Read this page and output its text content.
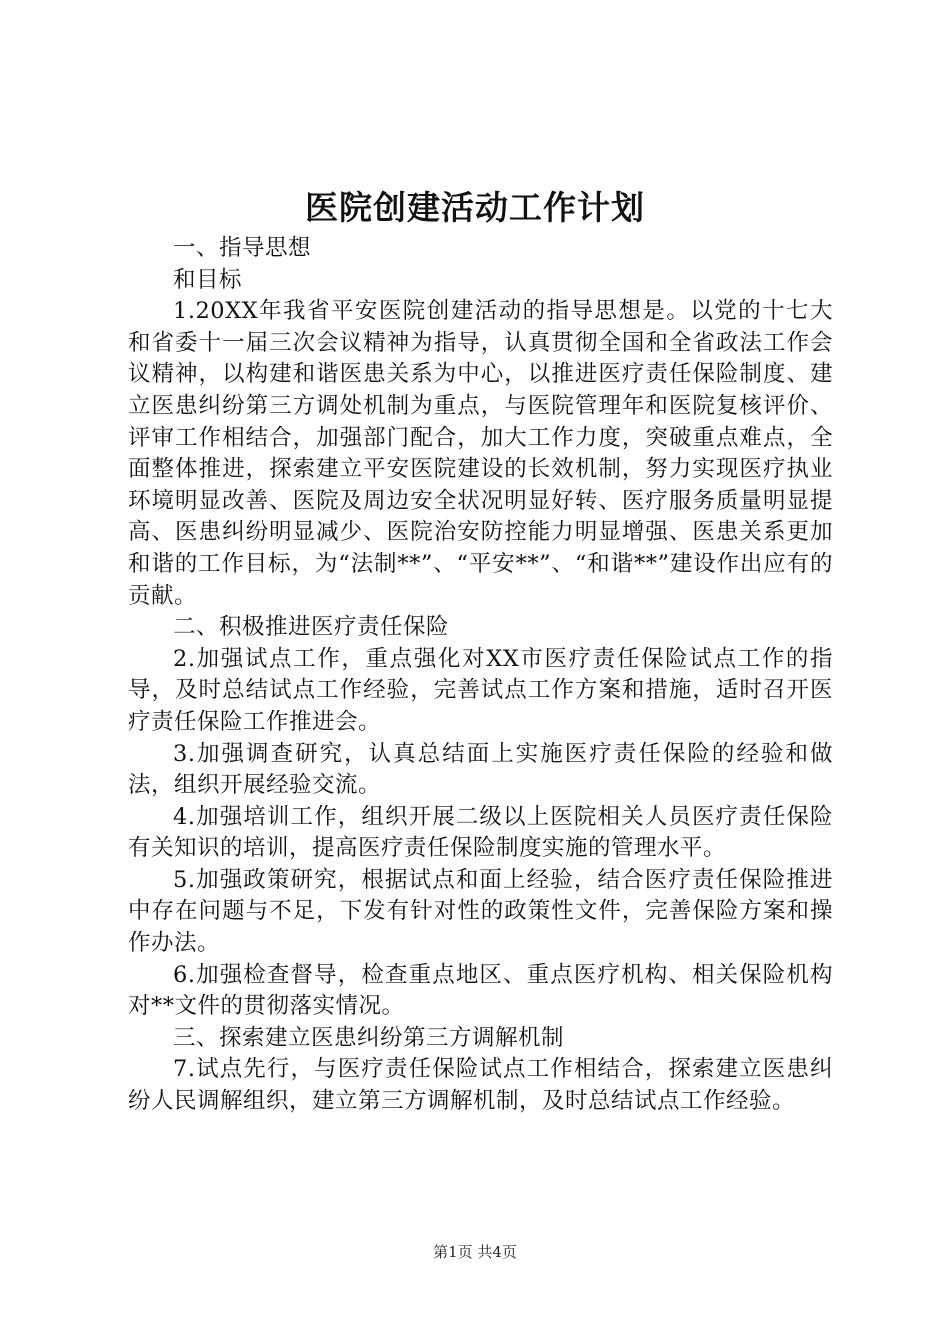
医院创建活动工作计划

一、指导思想

和目标

1.20XX年我省平安医院创建活动的指导思想是。以党的十七大和省委十一届三次会议精神为指导，认真贯彻全国和全省政法工作会议精神，以构建和谐医患关系为中心，以推进医疗责任保险制度、建立医患纠纷第三方调处机制为重点，与医院管理年和医院复核评价、评审工作相结合，加强部门配合，加大工作力度，突破重点难点，全面整体推进，探索建立平安医院建设的长效机制，努力实现医疗执业环境明显改善、医院及周边安全状况明显好转、医疗服务质量明显提高、医患纠纷明显减少、医院治安防控能力明显增强、医患关系更加和谐的工作目标，为“法制**”、“平安**”、“和谐**”建设作出应有的贡献。

二、积极推进医疗责任保险

2.加强试点工作，重点强化对XX市医疗责任保险试点工作的指导，及时总结试点工作经验，完善试点工作方案和措施，适时召开医疗责任保险工作推进会。

3.加强调查研究，认真总结面上实施医疗责任保险的经验和做法，组织开展经验交流。

4.加强培训工作，组织开展二级以上医院相关人员医疗责任保险有关知识的培训，提高医疗责任保险制度实施的管理水平。

5.加强政策研究，根据试点和面上经验，结合医疗责任保险推进中存在问题与不足，下发有针对性的政策性文件，完善保险方案和操作办法。

6.加强检查督导，检查重点地区、重点医疗机构、相关保险机构对**文件的贯彻落实情况。

三、探索建立医患纠纷第三方调解机制

7.试点先行，与医疗责任保险试点工作相结合，探索建立医患纠纷人民调解组织，建立第三方调解机制，及时总结试点工作经验。

第1页 共4页
